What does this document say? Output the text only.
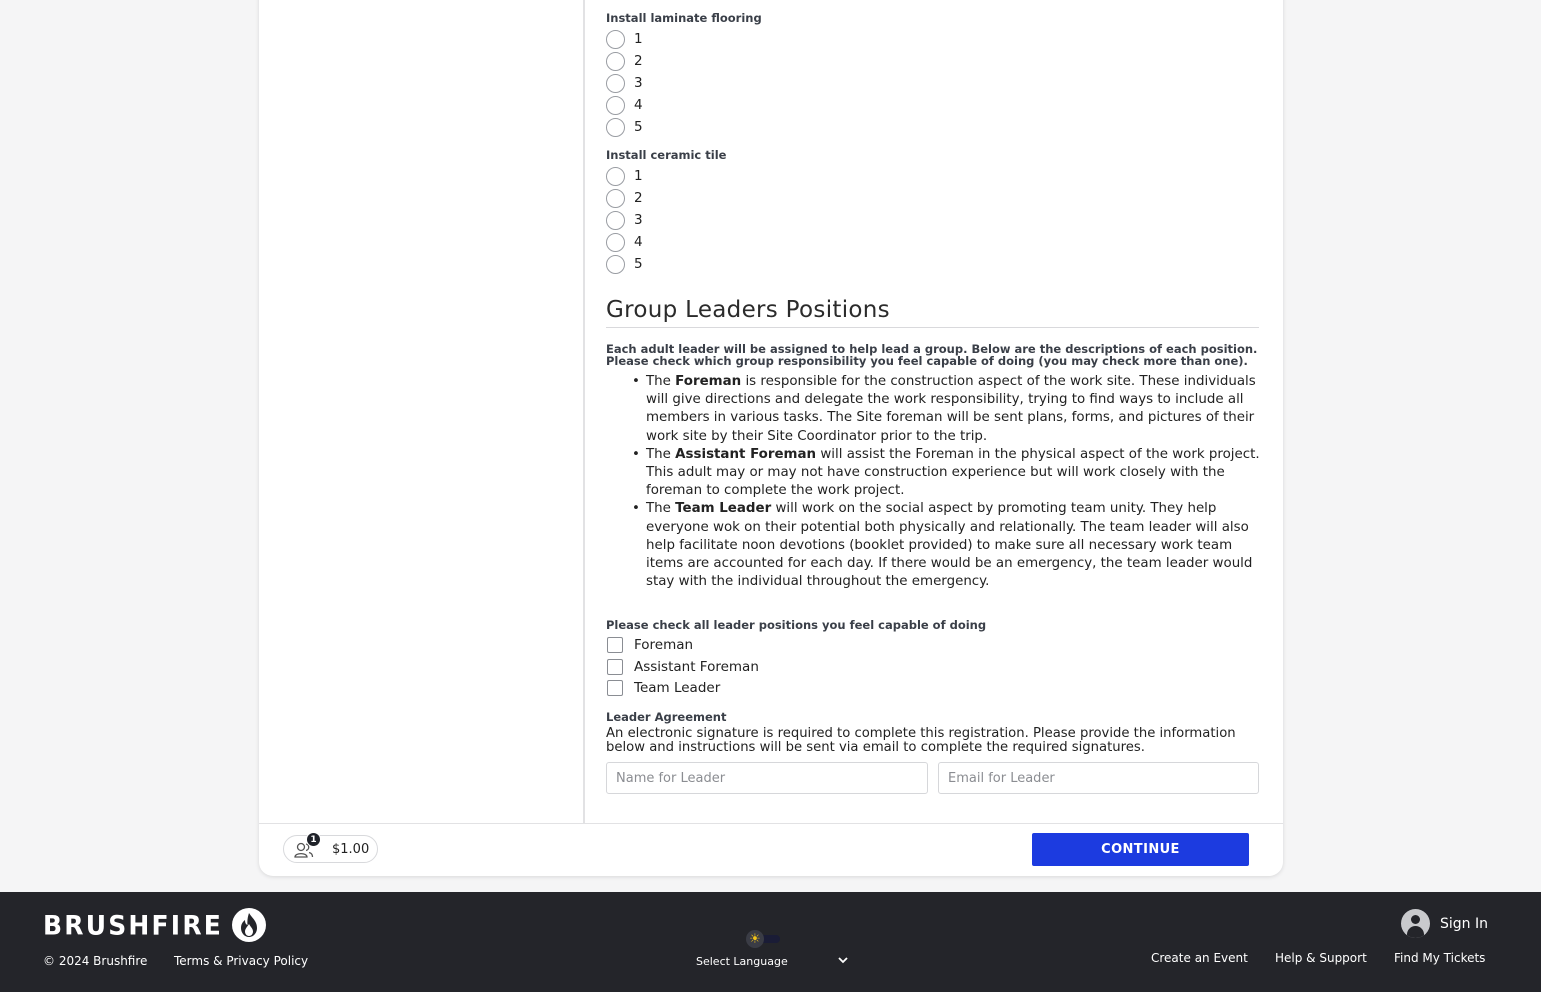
Install laminate flooring
1
2
3
4
5
Install ceramic tile
1
2
3
4
5
Group Leaders Positions
Each adult leader will be assigned to help lead a group. Below are the descriptions of each position.
Please check which group responsibility you feel capable of doing (you may check more than one).
• The Foreman is responsible for the construction aspect of the work site. These individuals will give directions and delegate the work responsibility, trying to find ways to include all members in various tasks. The Site foreman will be sent plans, forms, and pictures of their work site by their Site Coordinator prior to the trip.
• The Assistant Foreman will assist the Foreman in the physical aspect of the work project. This adult may or may not have construction experience but will work closely with the foreman to complete the work project.
• The Team Leader will work on the social aspect by promoting team unity. They help everyone wok on their potential both physically and relationally. The team leader will also help facilitate noon devotions (booklet provided) to make sure all necessary work team items are accounted for each day. If there would be an emergency, the team leader would stay with the individual throughout the emergency.
Please check all leader positions you feel capable of doing
Foreman
Assistant Foreman
Team Leader
Leader Agreement
An electronic signature is required to complete this registration. Please provide the information below and instructions will be sent via email to complete the required signatures.
Name for Leader
Email for Leader
1
$1.00	CONTINUE
BRUSHFIRE
© 2024 Brushfire Terms & Privacy Policy
☀
Select Language
Sign In
Create an Event Help & Support Find My Tickets
